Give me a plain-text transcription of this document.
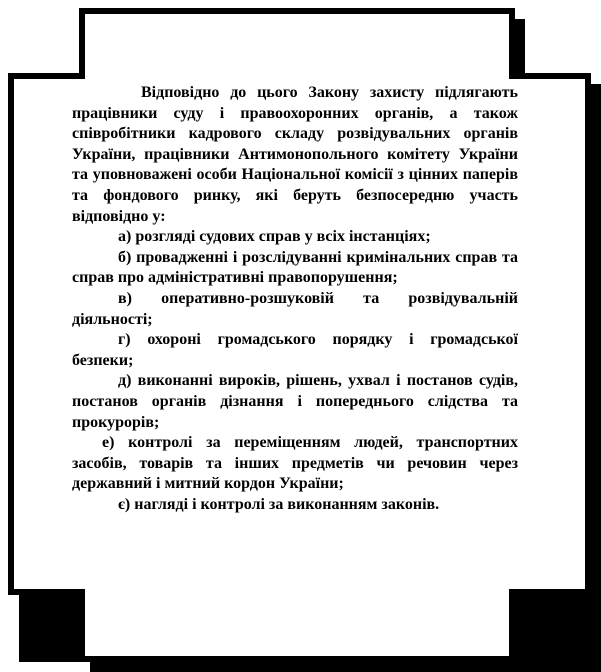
Відповідно до цього Закону захисту підлягають працівники суду і правоохоронних органів, а також співробітники кадрового складу розвідувальних органів України, працівники Антимонопольного комітету України та уповноважені особи Національної комісії з цінних паперів та фондового ринку, які беруть безпосередню участь відповідно у:

а) розгляді судових справ у всіх інстанціях;

б) провадженні і розслідуванні кримінальних справ та справ про адміністративні правопорушення;

в) оперативно-розшуковій та розвідувальній діяльності;

г) охороні громадського порядку і громадської безпеки;

д) виконанні вироків, рішень, ухвал і постанов судів, постанов органів дізнання і попереднього слідства та прокурорів;

е) контролі за переміщенням людей, транспортних засобів, товарів та інших предметів чи речовин через державний і митний кордон України;

є) нагляді і контролі за виконанням законів.
